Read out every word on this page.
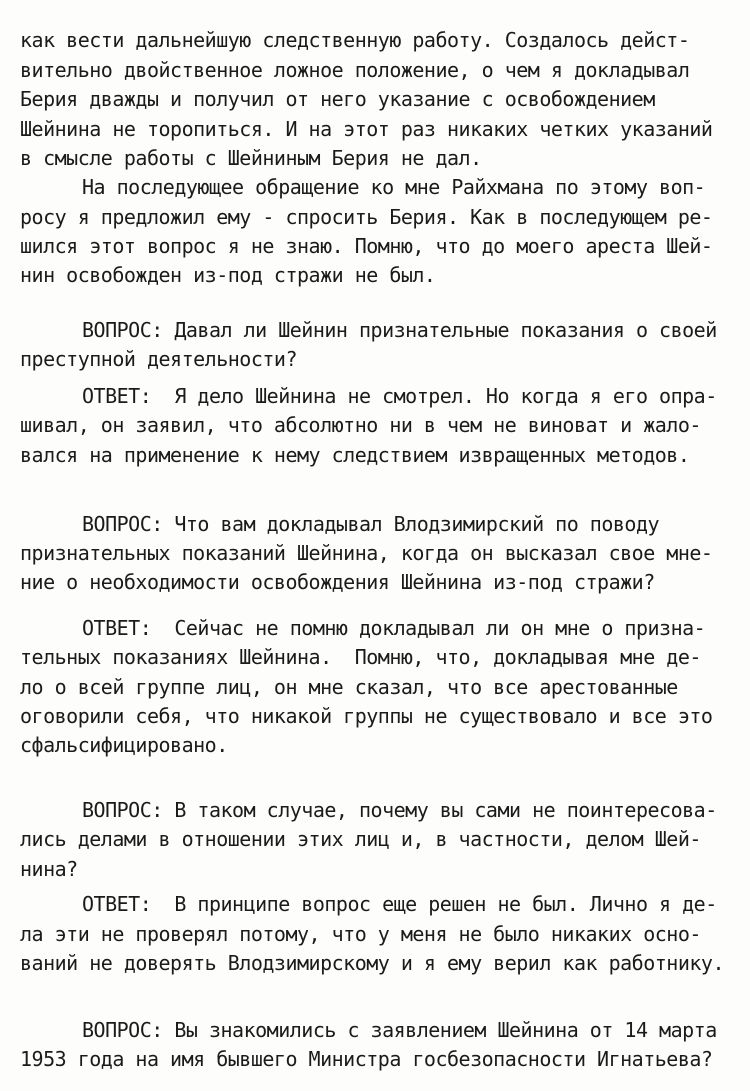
как вести дальнейшую следственную работу. Создалось дейст-

вительно двойственное ложное положение, о чем я докладывал

Берия дважды и получил от него указание с освобождением

Шейнина не торопиться. И на этот раз никаких четких указаний

в смысле работы с Шейниным Берия не дал.

На последующее обращение ко мне Райхмана по этому воп-

росу я предложил ему - спросить Берия. Как в последующем ре-

шился этот вопрос я не знаю. Помню, что до моего ареста Шей-

нин освобожден из-под стражи не был.

ВОПРОС: Давал ли Шейнин признательные показания о своей

преступной деятельности?

ОТВЕТ:  Я дело Шейнина не смотрел. Но когда я его опра-

шивал, он заявил, что абсолютно ни в чем не виноват и жало-

вался на применение к нему следствием извращенных методов.

ВОПРОС: Что вам докладывал Влодзимирский по поводу

признательных показаний Шейнина, когда он высказал свое мне-

ние о необходимости освобождения Шейнина из-под стражи?

ОТВЕТ:  Сейчас не помню докладывал ли он мне о призна-

тельных показаниях Шейнина.  Помню, что, докладывая мне де-

ло о всей группе лиц, он мне сказал, что все арестованные

оговорили себя, что никакой группы не существовало и все это

сфальсифицировано.

ВОПРОС: В таком случае, почему вы сами не поинтересова-

лись делами в отношении этих лиц и, в частности, делом Шей-

нина?

ОТВЕТ:  В принципе вопрос еще решен не был. Лично я де-

ла эти не проверял потому, что у меня не было никаких осно-

ваний не доверять Влодзимирскому и я ему верил как работнику.

ВОПРОС: Вы знакомились с заявлением Шейнина от 14 марта

1953 года на имя бывшего Министра госбезопасности Игнатьева?
